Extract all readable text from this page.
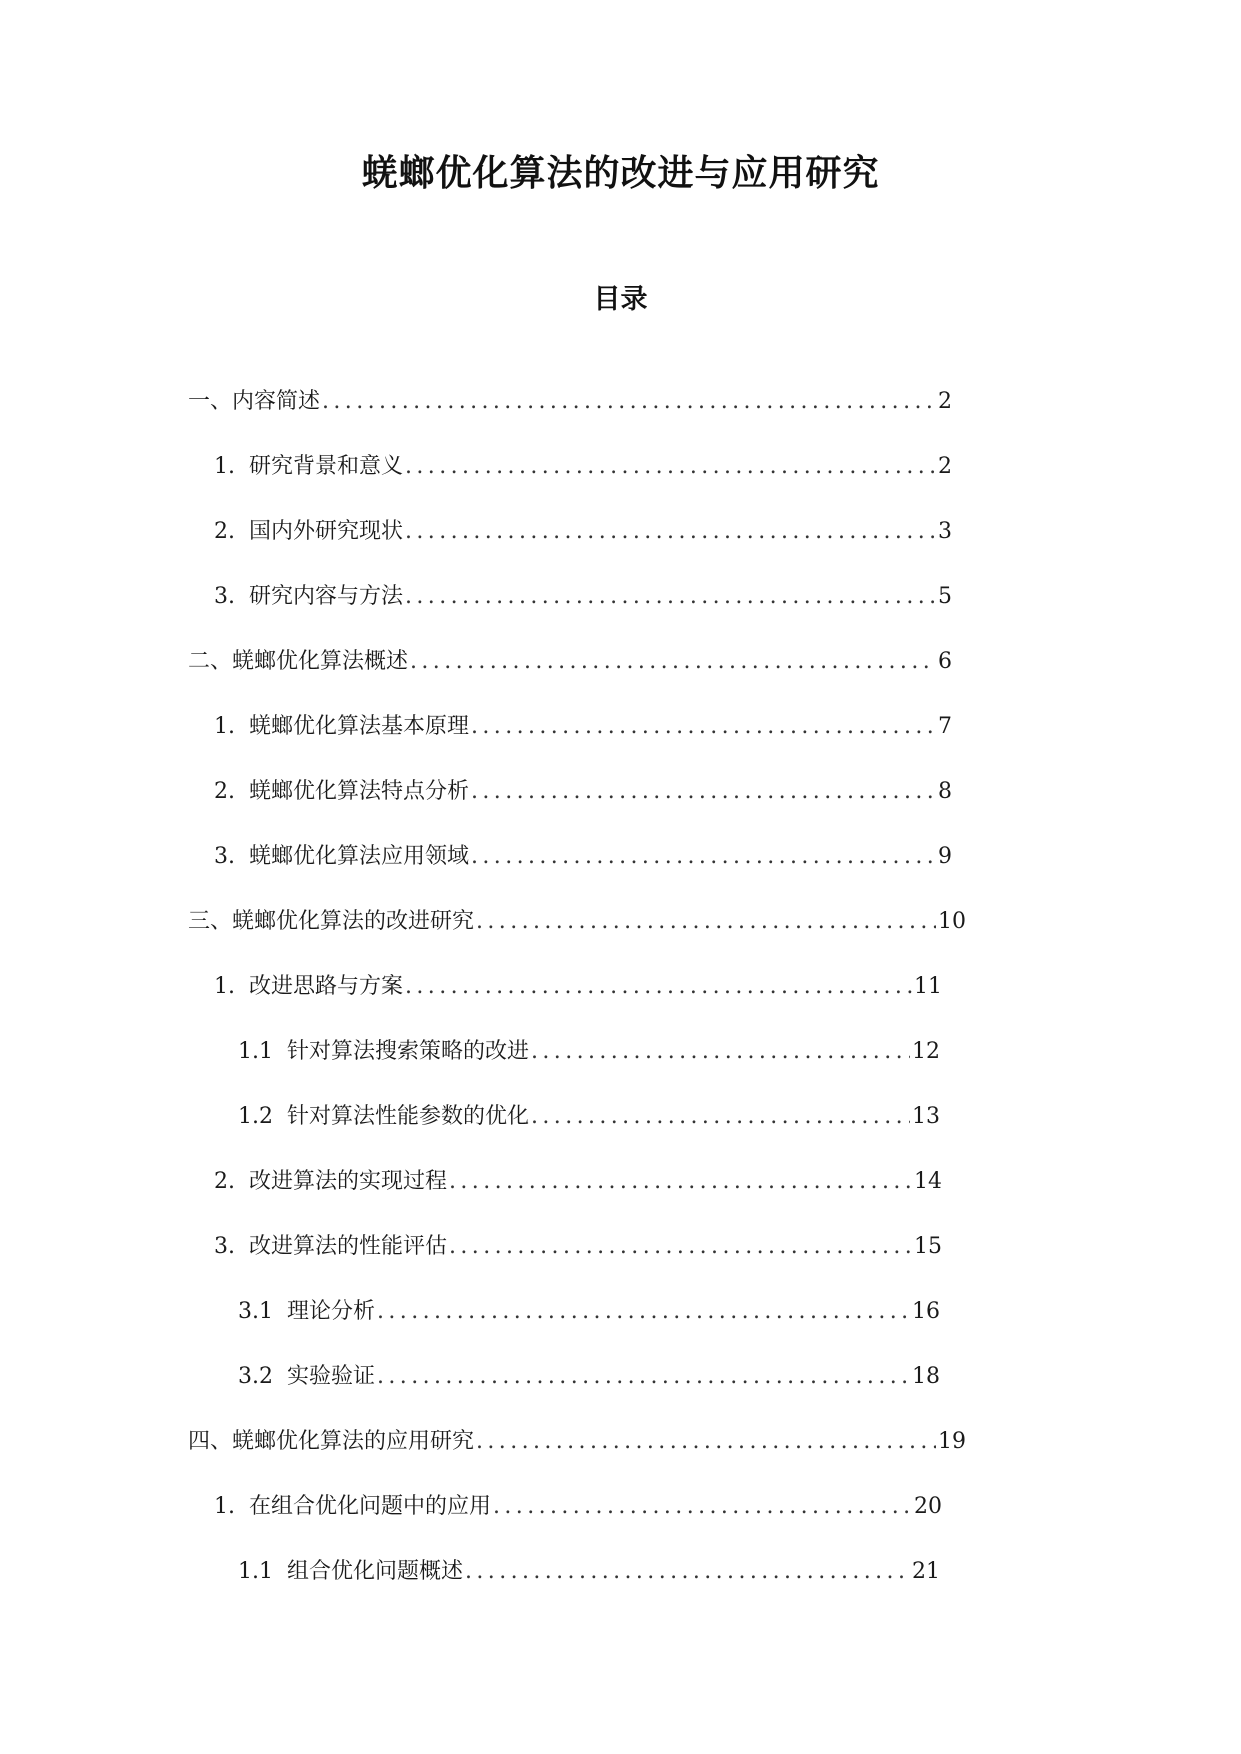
蜣螂优化算法的改进与应用研究
目录
一、内容简述 .....	2
1. 研究背景和意义 .....	2
2. 国内外研究现状 .....	3
3. 研究内容与方法 .....	5
二、蜣螂优化算法概述 .....	6
1. 蜣螂优化算法基本原理 .....	7
2. 蜣螂优化算法特点分析 .....	8
3. 蜣螂优化算法应用领域 .....	9
三、蜣螂优化算法的改进研究 .....	10
1. 改进思路与方案 .....	11
1.1 针对算法搜索策略的改进 .....	12
1.2 针对算法性能参数的优化 .....	13
2. 改进算法的实现过程 .....	14
3. 改进算法的性能评估 .....	15
3.1 理论分析 .....	16
3.2 实验验证 .....	18
四、蜣螂优化算法的应用研究 .....	19
1. 在组合优化问题中的应用 .....	20
1.1 组合优化问题概述 .....	21
